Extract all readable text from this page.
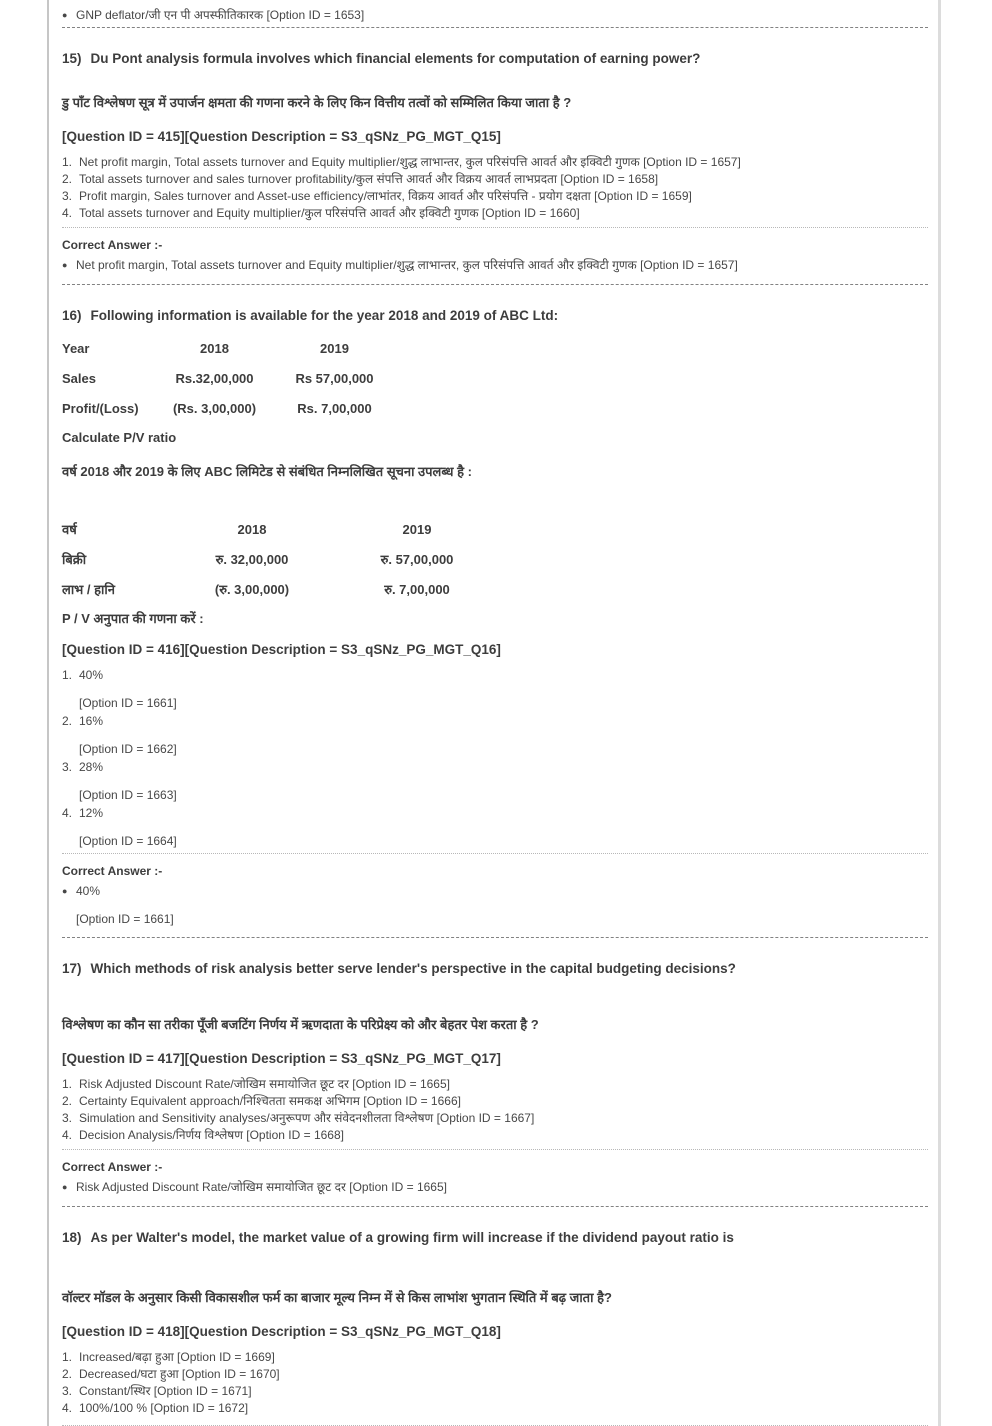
● GNP deflator/जी एन पी अपस्फीतिकारक [Option ID = 1653]
15) Du Pont analysis formula involves which financial elements for computation of earning power?
डु पाँट विश्लेषण सूत्र में उपार्जन क्षमता की गणना करने के लिए किन वित्तीय तत्वों को सम्मिलित किया जाता है ?
[Question ID = 415][Question Description = S3_qSNz_PG_MGT_Q15]
1. Net profit margin, Total assets turnover and Equity multiplier/शुद्ध लाभान्तर, कुल परिसंपत्ति आवर्त और इक्विटी गुणक [Option ID = 1657]
2. Total assets turnover and sales turnover profitability/कुल संपत्ति आवर्त और विक्रय आवर्त लाभप्रदता [Option ID = 1658]
3. Profit margin, Sales turnover and Asset-use efficiency/लाभांतर, विक्रय आवर्त और परिसंपत्ति - प्रयोग दक्षता [Option ID = 1659]
4. Total assets turnover and Equity multiplier/कुल परिसंपत्ति आवर्त और इक्विटी गुणक [Option ID = 1660]
Correct Answer :-
● Net profit margin, Total assets turnover and Equity multiplier/शुद्ध लाभान्तर, कुल परिसंपत्ति आवर्त और इक्विटी गुणक [Option ID = 1657]
16) Following information is available for the year 2018 and 2019 of ABC Ltd:
Year	2018	2019
Sales	Rs.32,00,000	Rs 57,00,000
Profit/(Loss)	(Rs. 3,00,000)	Rs. 7,00,000
Calculate P/V ratio
वर्ष 2018 और 2019 के लिए ABC लिमिटेड से संबंधित निम्नलिखित सूचना उपलब्ध है :
वर्ष	2018	2019
बिक्री	रु. 32,00,000	रु. 57,00,000
लाभ / हानि	(रु. 3,00,000)	रु. 7,00,000
P / V अनुपात की गणना करें :
[Question ID = 416][Question Description = S3_qSNz_PG_MGT_Q16]
1. 40%
[Option ID = 1661]
2. 16%
[Option ID = 1662]
3. 28%
[Option ID = 1663]
4. 12%
[Option ID = 1664]
Correct Answer :-
● 40%
[Option ID = 1661]
17) Which methods of risk analysis better serve lender's perspective in the capital budgeting decisions?
विश्लेषण का कौन सा तरीका पूँजी बजटिंग निर्णय में ऋणदाता के परिप्रेक्ष्य को और बेहतर पेश करता है ?
[Question ID = 417][Question Description = S3_qSNz_PG_MGT_Q17]
1. Risk Adjusted Discount Rate/जोखिम समायोजित छूट दर [Option ID = 1665]
2. Certainty Equivalent approach/निश्चितता समकक्ष अभिगम [Option ID = 1666]
3. Simulation and Sensitivity analyses/अनुरूपण और संवेदनशीलता विश्लेषण [Option ID = 1667]
4. Decision Analysis/निर्णय विश्लेषण [Option ID = 1668]
Correct Answer :-
● Risk Adjusted Discount Rate/जोखिम समायोजित छूट दर [Option ID = 1665]
18) As per Walter's model, the market value of a growing firm will increase if the dividend payout ratio is
वॉल्टर मॉडल के अनुसार किसी विकासशील फर्म का बाजार मूल्य निम्न में से किस लाभांश भुगतान स्थिति में बढ़ जाता है?
[Question ID = 418][Question Description = S3_qSNz_PG_MGT_Q18]
1. Increased/बढ़ा हुआ [Option ID = 1669]
2. Decreased/घटा हुआ [Option ID = 1670]
3. Constant/स्थिर [Option ID = 1671]
4. 100%/100 % [Option ID = 1672]
